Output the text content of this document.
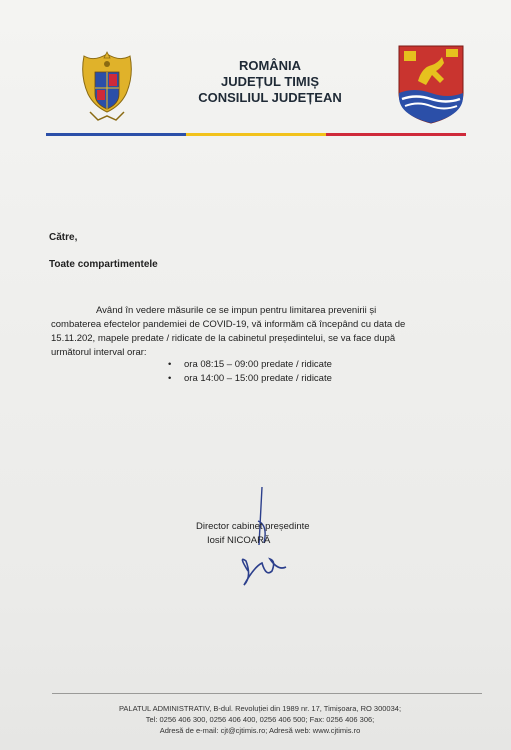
ROMÂNIA
JUDEȚUL TIMIȘ
CONSILIUL JUDEȚEAN
Către,
Toate compartimentele

Având în vedere măsurile ce se impun pentru limitarea prevenirii și

combaterea efectelor pandemiei de COVID-19, vă informăm că începând cu data de

15.11.202, mapele predate / ridicate de la cabinetul președintelui, se va face după

următorul interval orar:

• ora 08:15 – 09:00 predate / ridicate
• ora 14:00 – 15:00 predate / ridicate
Director cabinet președinte
Iosif NICOARĂ
PALATUL ADMINISTRATIV, B-dul. Revoluției din 1989 nr. 17, Timișoara, RO 300034;
Tel: 0256 406 300, 0256 406 400, 0256 406 500; Fax: 0256 406 306;
Adresă de e-mail: cjt@cjtimis.ro; Adresă web: www.cjtimis.ro
